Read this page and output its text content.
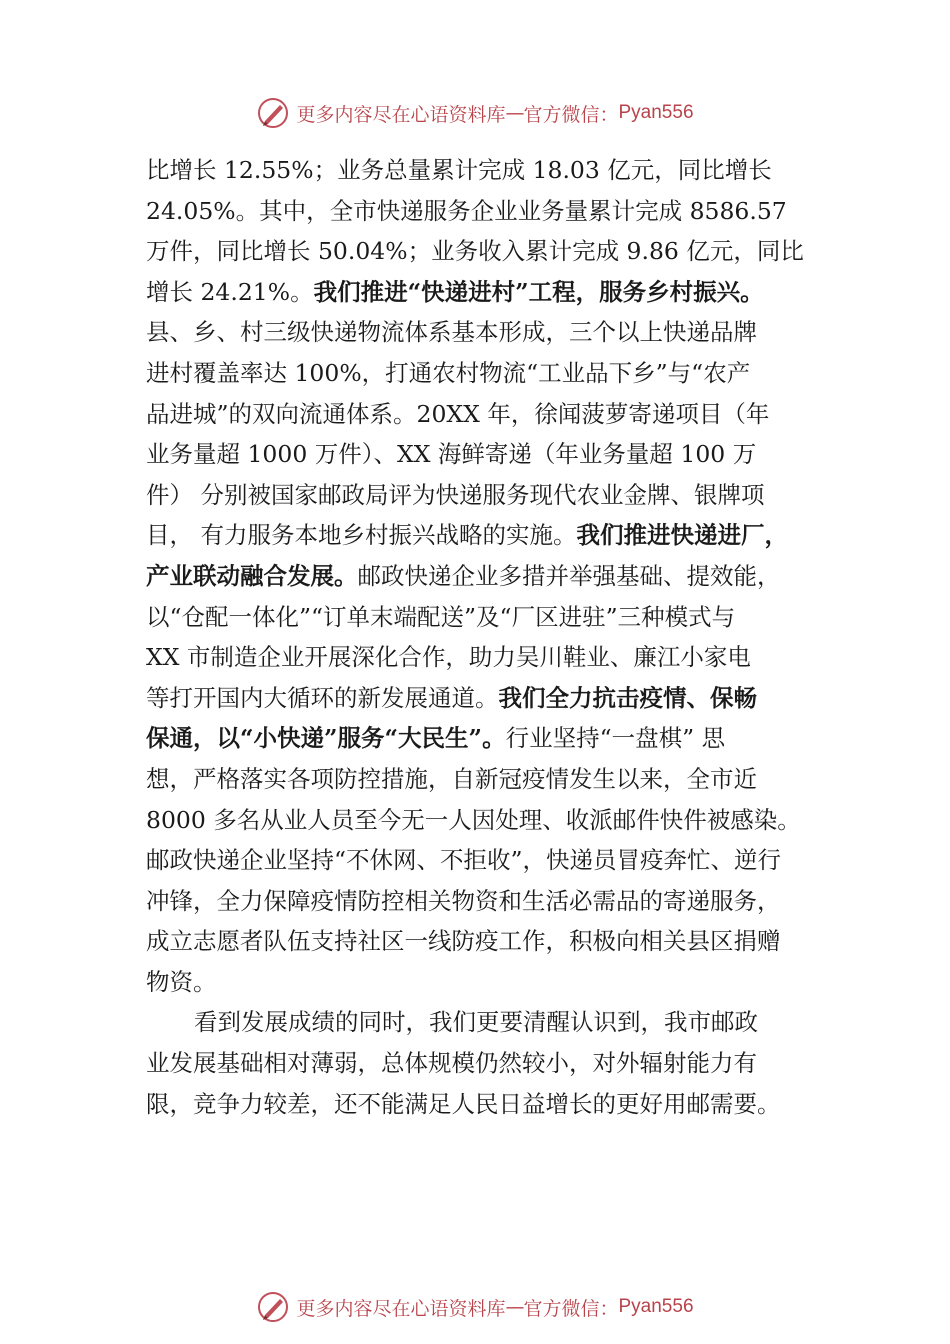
更多内容尽在心语资料库 — 官方微信： Pyan556
比增长 12.55%；业务总量累计完成 18.03 亿元，同比增长
24.05%。其中，全市快递服务企业业务量累计完成 8586.57
万件，同比增长 50.04%；业务收入累计完成 9.86 亿元，同比
增长 24.21%。我们推进“快递进村”工程，服务乡村振兴。
县、乡、村三级快递物流体系基本形成，三个以上快递品牌
进村覆盖率达 100%，打通农村物流“工业品下乡”与“农产
品进城”的双向流通体系。20XX 年，徐闻菠萝寄递项目（年
业务量超 1000 万件）、XX 海鲜寄递（年业务量超 100 万
件） 分别被国家邮政局评为快递服务现代农业金牌、银牌项
目， 有力服务本地乡村振兴战略的实施。我们推进快递进厂，
产业联动融合发展。邮政快递企业多措并举强基础、提效能，
以“仓配一体化”“订单末端配送”及“厂区进驻”三种模式与
XX 市制造企业开展深化合作，助力吴川鞋业、廉江小家电
等打开国内大循环的新发展通道。我们全力抗击疫情、保畅
保通，以“小快递”服务“大民生”。行业坚持“一盘棋” 思
想，严格落实各项防控措施，自新冠疫情发生以来，全市近
8000 多名从业人员至今无一人因处理、收派邮件快件被感染。
邮政快递企业坚持“不休网、不拒收”，快递员冒疫奔忙、逆行
冲锋，全力保障疫情防控相关物资和生活必需品的寄递服务，
成立志愿者队伍支持社区一线防疫工作，积极向相关县区捐赠
物资。
看到发展成绩的同时，我们更要清醒认识到，我市邮政
业发展基础相对薄弱，总体规模仍然较小，对外辐射能力有
限，竞争力较差，还不能满足人民日益增长的更好用邮需要。
更多内容尽在心语资料库 — 官方微信： Pyan556
